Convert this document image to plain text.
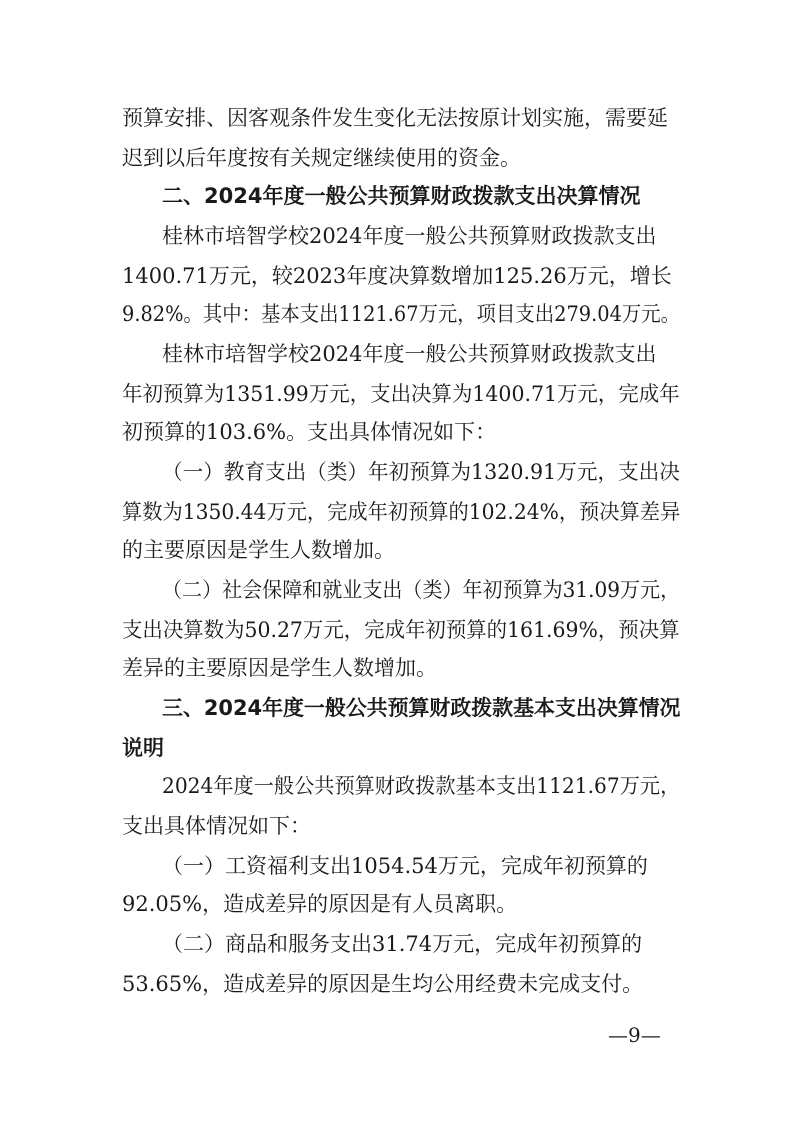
预算安排、因客观条件发生变化无法按原计划实施，需要延
迟到以后年度按有关规定继续使用的资金。
二、2024年度一般公共预算财政拨款支出决算情况
桂林市培智学校2024年度一般公共预算财政拨款支出
1400.71万元，较2023年度决算数增加125.26万元，增长
9.82%。其中：基本支出1121.67万元，项目支出279.04万元。
桂林市培智学校2024年度一般公共预算财政拨款支出
年初预算为1351.99万元，支出决算为1400.71万元，完成年
初预算的103.6%。支出具体情况如下：
（一）教育支出（类）年初预算为1320.91万元，支出决
算数为1350.44万元，完成年初预算的102.24%，预决算差异
的主要原因是学生人数增加。
（二）社会保障和就业支出（类）年初预算为31.09万元，
支出决算数为50.27万元，完成年初预算的161.69%，预决算
差异的主要原因是学生人数增加。
三、2024年度一般公共预算财政拨款基本支出决算情况
说明
2024年度一般公共预算财政拨款基本支出1121.67万元，
支出具体情况如下：
（一）工资福利支出1054.54万元，完成年初预算的
92.05%，造成差异的原因是有人员离职。
（二）商品和服务支出31.74万元，完成年初预算的
53.65%，造成差异的原因是生均公用经费未完成支付。
—9—
